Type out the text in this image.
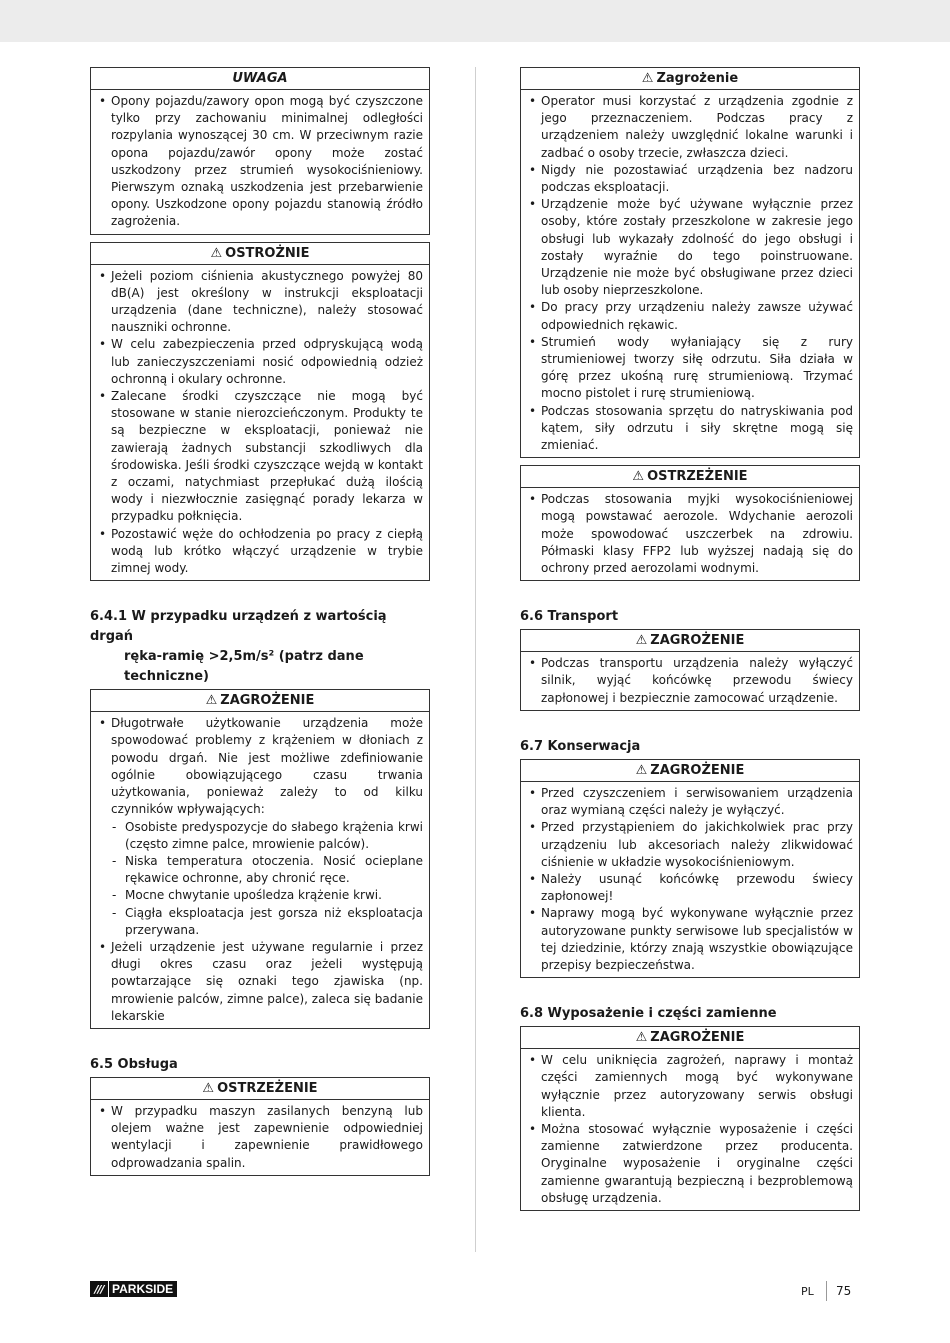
UWAGA
• Opony pojazdu/zawory opon mogą być czyszczone tylko przy zachowaniu minimalnej odległości rozpylania wynoszącej 30 cm. W przeciwnym razie opona pojazdu/zawór opony może zostać uszkodzony przez strumień wysokociśnieniowy. Pierwszym oznaką uszkodzenia jest przebarwienie opony. Uszkodzone opony pojazdu stanowią źródło zagrożenia.
⚠ OSTROŻNIE
• Jeżeli poziom ciśnienia akustycznego powyżej 80 dB(A) jest określony w instrukcji eksploatacji urządzenia (dane techniczne), należy stosować nauszniki ochronne.
• W celu zabezpieczenia przed odpryskującą wodą lub zanieczyszczeniami nosić odpowiednią odzież ochronną i okulary ochronne.
• Zalecane środki czyszczące nie mogą być stosowane w stanie nierozcieńczonym. Produkty te są bezpieczne w eksploatacji, ponieważ nie zawierają żadnych substancji szkodliwych dla środowiska. Jeśli środki czyszczące wejdą w kontakt z oczami, natychmiast przepłukać dużą ilością wody i niezwłocznie zasięgnąć porady lekarza w przypadku połknięcia.
• Pozostawić węże do ochłodzenia po pracy z ciepłą wodą lub krótko włączyć urządzenie w trybie zimnej wody.
6.4.1 W przypadku urządzeń z wartością drgań
ręka-ramię >2,5m/s² (patrz dane techniczne)
⚠ ZAGROŻENIE
• Długotrwałe użytkowanie urządzenia może spowodować problemy z krążeniem w dłoniach z powodu drgań. Nie jest możliwe zdefiniowanie ogólnie obowiązującego czasu trwania użytkowania, ponieważ zależy to od kilku czynników wpływających:
- Osobiste predyspozycje do słabego krążenia krwi (często zimne palce, mrowienie palców).
- Niska temperatura otoczenia. Nosić ocieplane rękawice ochronne, aby chronić ręce.
- Mocne chwytanie upośledza krążenie krwi.
- Ciągła eksploatacja jest gorsza niż eksploatacja przerywana.
• Jeżeli urządzenie jest używane regularnie i przez długi okres czasu oraz jeżeli występują powtarzające się oznaki tego zjawiska (np. mrowienie palców, zimne palce), zaleca się badanie lekarskie
6.5 Obsługa
⚠ OSTRZEŻENIE
• W przypadku maszyn zasilanych benzyną lub olejem ważne jest zapewnienie odpowiedniej wentylacji i zapewnienie prawidłowego odprowadzania spalin.
⚠ Zagrożenie
• Operator musi korzystać z urządzenia zgodnie z jego przeznaczeniem. Podczas pracy z urządzeniem należy uwzględnić lokalne warunki i zadbać o osoby trzecie, zwłaszcza dzieci.
• Nigdy nie pozostawiać urządzenia bez nadzoru podczas eksploatacji.
• Urządzenie może być używane wyłącznie przez osoby, które zostały przeszkolone w zakresie jego obsługi lub wykazały zdolność do jego obsługi i zostały wyraźnie do tego poinstruowane. Urządzenie nie może być obsługiwane przez dzieci lub osoby nieprzeszkolone.
• Do pracy przy urządzeniu należy zawsze używać odpowiednich rękawic.
• Strumień wody wyłaniający się z rury strumieniowej tworzy siłę odrzutu. Siła działa w górę przez ukośną rurę strumieniową. Trzymać mocno pistolet i rurę strumieniową.
• Podczas stosowania sprzętu do natryskiwania pod kątem, siły odrzutu i siły skrętne mogą się zmieniać.
⚠ OSTRZEŻENIE
• Podczas stosowania myjki wysokociśnieniowej mogą powstawać aerozole. Wdychanie aerozoli może spowodować uszczerbek na zdrowiu. Półmaski klasy FFP2 lub wyższej nadają się do ochrony przed aerozolami wodnymi.
6.6 Transport
⚠ ZAGROŻENIE
• Podczas transportu urządzenia należy wyłączyć silnik, wyjąć końcówkę przewodu świecy zapłonowej i bezpiecznie zamocować urządzenie.
6.7 Konserwacja
⚠ ZAGROŻENIE
• Przed czyszczeniem i serwisowaniem urządzenia oraz wymianą części należy je wyłączyć.
• Przed przystąpieniem do jakichkolwiek prac przy urządzeniu lub akcesoriach należy zlikwidować ciśnienie w układzie wysokociśnieniowym.
• Należy usunąć końcówkę przewodu świecy zapłonowej!
• Naprawy mogą być wykonywane wyłącznie przez autoryzowane punkty serwisowe lub specjalistów w tej dziedzinie, którzy znają wszystkie obowiązujące przepisy bezpieczeństwa.
6.8 Wyposażenie i części zamienne
⚠ ZAGROŻENIE
• W celu uniknięcia zagrożeń, naprawy i montaż części zamiennych mogą być wykonywane wyłącznie przez autoryzowany serwis obsługi klienta.
• Można stosować wyłącznie wyposażenie i części zamienne zatwierdzone przez producenta. Oryginalne wyposażenie i oryginalne części zamienne gwarantują bezpieczną i bezproblemową obsługę urządzenia.
/// PARKSIDE	PL 75
